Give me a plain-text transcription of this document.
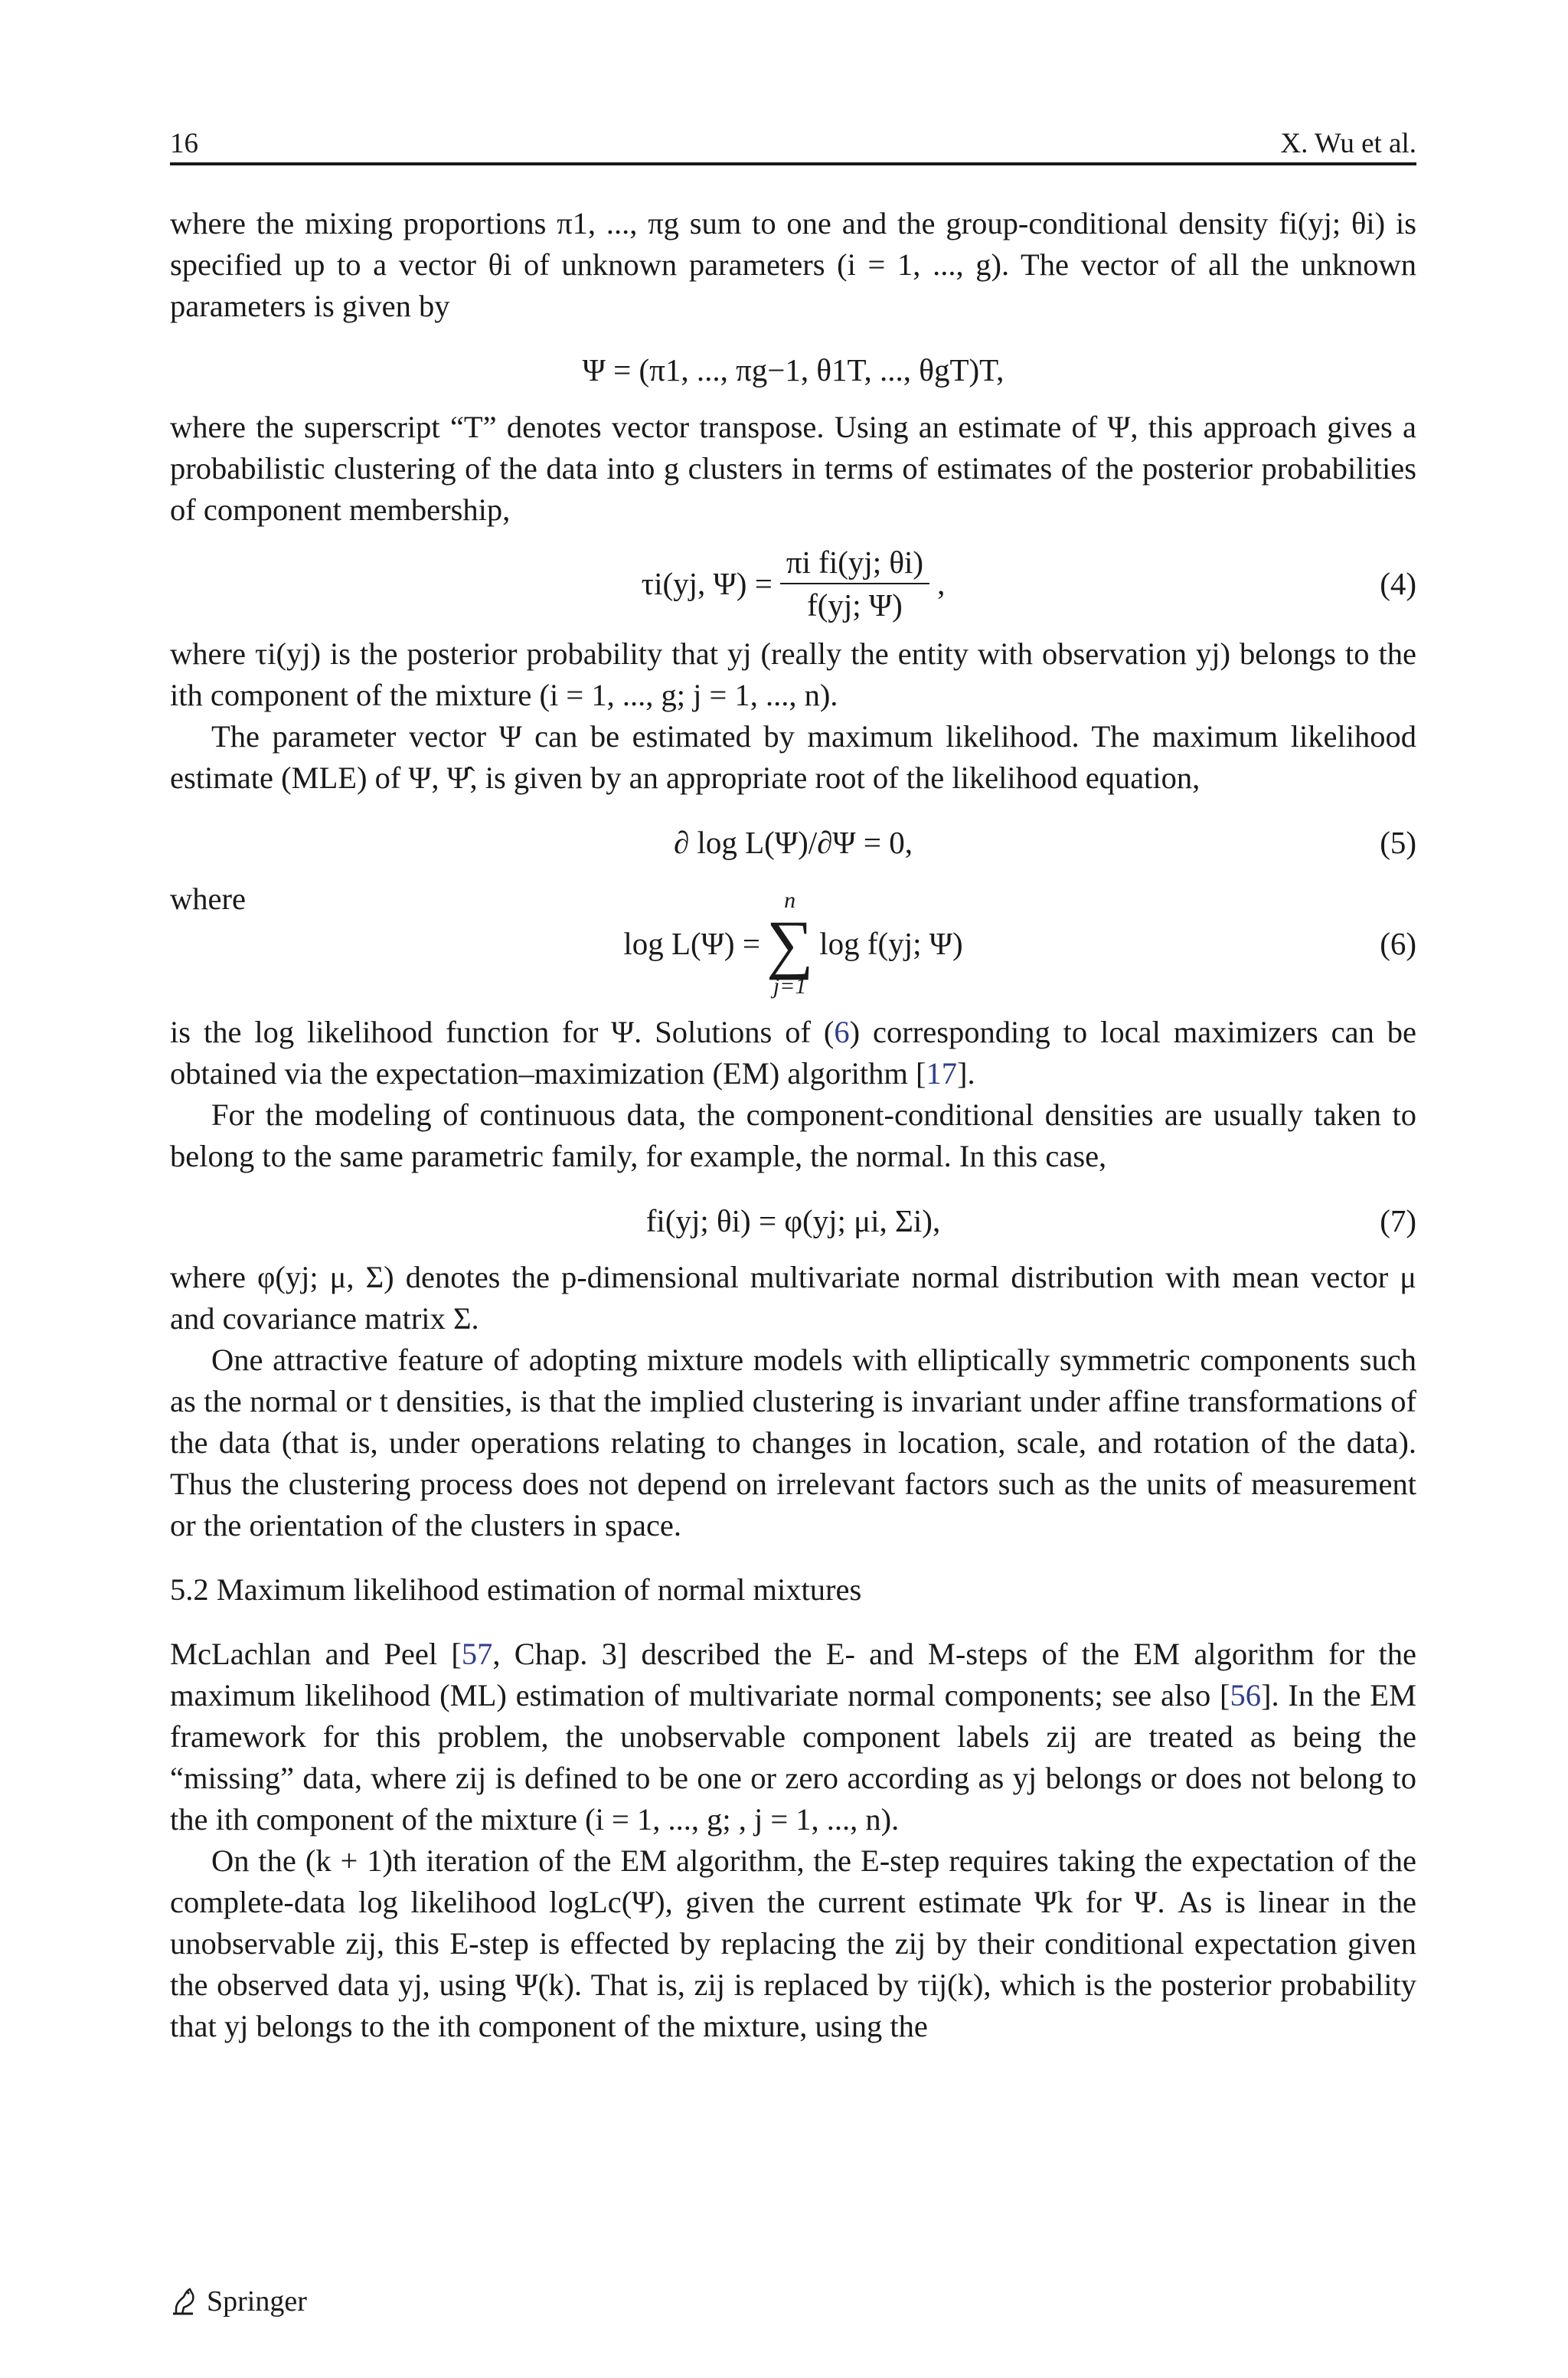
16	X. Wu et al.

where the mixing proportions π1, ..., πg sum to one and the group-conditional density fi(yj; θi) is specified up to a vector θi of unknown parameters (i = 1, ..., g). The vector of all the unknown parameters is given by

Ψ = (π1, ..., πg−1, θ1T, ..., θgT)T,

where the superscript “T” denotes vector transpose. Using an estimate of Ψ, this approach gives a probabilistic clustering of the data into g clusters in terms of estimates of the posterior probabilities of component membership,

τi(yj, $\Psi) = \frac{\text{πi fi(yj; θi)}}{f(yj; \Psi)}$ ,	(4)

where τi(yj) is the posterior probability that yj (really the entity with observation yj) belongs to the ith component of the mixture (i = 1, ..., g; j = 1, ..., n).

The parameter vector Ψ can be estimated by maximum likelihood. The maximum likelihood estimate (MLE) of Ψ, Ψ̂, is given by an appropriate root of the likelihood equation,

∂ log L(Ψ)/∂Ψ = 0,	(5)

where

log L(Ψ) =
n
∑
j=1
log f(yj; Ψ)	(6)

is the log likelihood function for Ψ. Solutions of (6) corresponding to local maximizers can be obtained via the expectation–maximization (EM) algorithm [17].

For the modeling of continuous data, the component-conditional densities are usually taken to belong to the same parametric family, for example, the normal. In this case,

fi(yj; θi) = φ(yj; μi, Σi),	(7)

where φ(yj; μ, Σ) denotes the p-dimensional multivariate normal distribution with mean vector μ and covariance matrix Σ.

One attractive feature of adopting mixture models with elliptically symmetric components such as the normal or t densities, is that the implied clustering is invariant under affine transformations of the data (that is, under operations relating to changes in location, scale, and rotation of the data). Thus the clustering process does not depend on irrelevant factors such as the units of measurement or the orientation of the clusters in space.

5.2 Maximum likelihood estimation of normal mixtures

McLachlan and Peel [57, Chap. 3] described the E- and M-steps of the EM algorithm for the maximum likelihood (ML) estimation of multivariate normal components; see also [56]. In the EM framework for this problem, the unobservable component labels zij are treated as being the “missing” data, where zij is defined to be one or zero according as yj belongs or does not belong to the ith component of the mixture (i = 1, ..., g; , j = 1, ..., n).

On the (k + 1)th iteration of the EM algorithm, the E-step requires taking the expectation of the complete-data log likelihood logLc(Ψ), given the current estimate Ψk for Ψ. As is linear in the unobservable zij, this E-step is effected by replacing the zij by their conditional expectation given the observed data yj, using Ψ(k). That is, zij is replaced by τij(k), which is the posterior probability that yj belongs to the ith component of the mixture, using the

Springer
